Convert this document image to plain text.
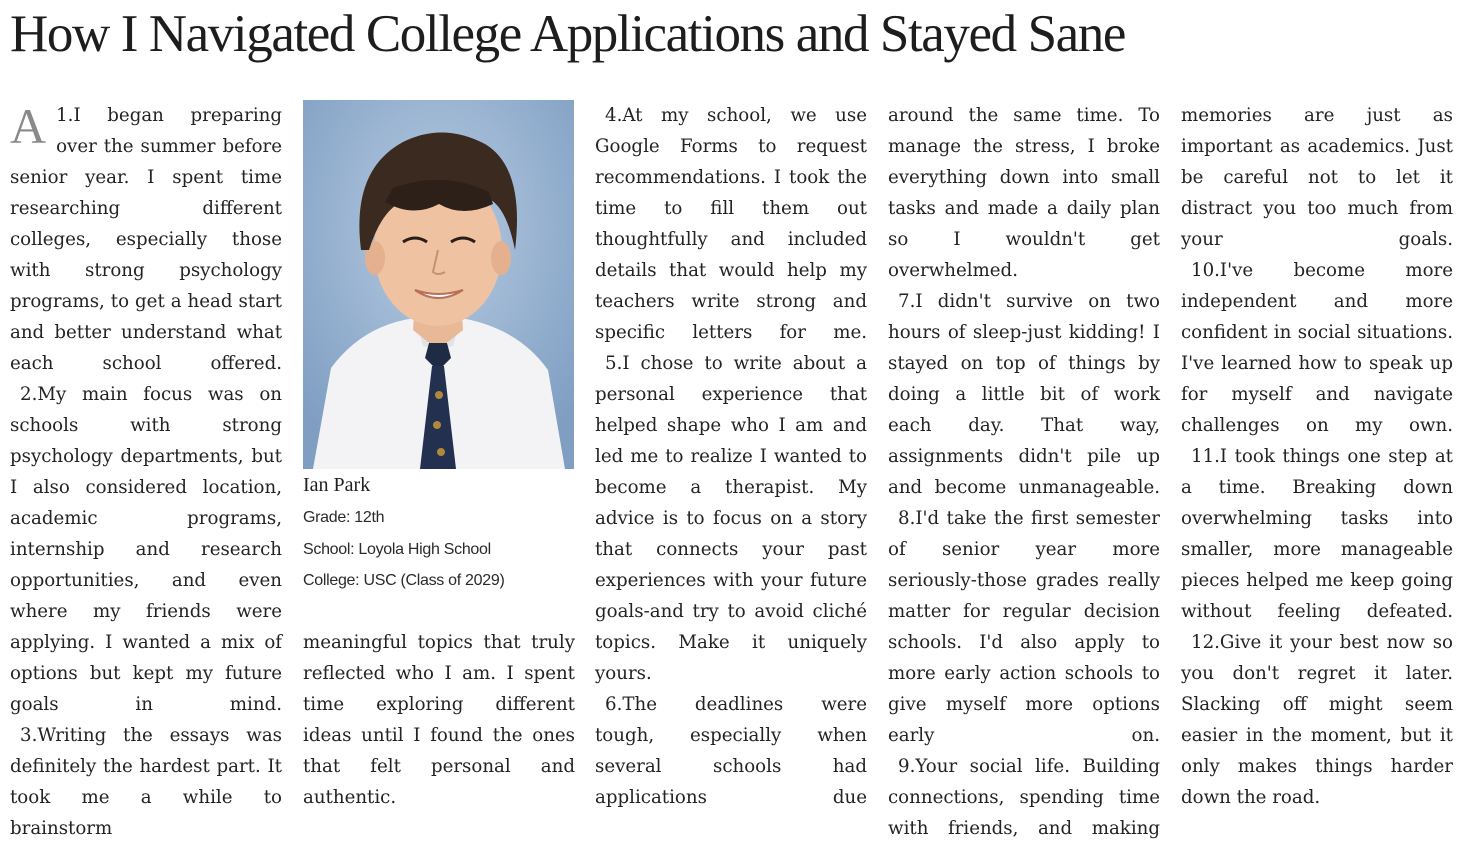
How I Navigated College Applications and Stayed Sane
A 1.I began preparing over the summer before senior year. I spent time researching different colleges, especially those with strong psychology programs, to get a head start and better understand what each school offered.

2.My main focus was on schools with strong psychology departments, but I also considered location, academic programs, internship and research opportunities, and even where my friends were applying. I wanted a mix of options but kept my future goals in mind.

3.Writing the essays was definitely the hardest part. It took me a while to brainstorm

Ian Park

Grade: 12th

School: Loyola High School

College: USC (Class of 2029)

meaningful topics that truly reflected who I am. I spent time exploring different ideas until I found the ones that felt personal and authentic.

4.At my school, we use Google Forms to request recommendations. I took the time to fill them out thoughtfully and included details that would help my teachers write strong and specific letters for me.

5.I chose to write about a personal experience that helped shape who I am and led me to realize I wanted to become a therapist. My advice is to focus on a story that connects your past experiences with your future goals-and try to avoid cliché topics. Make it uniquely yours.

6.The deadlines were tough, especially when several schools had applications due

around the same time. To manage the stress, I broke everything down into small tasks and made a daily plan so I wouldn't get overwhelmed.

7.I didn't survive on two hours of sleep-just kidding! I stayed on top of things by doing a little bit of work each day. That way, assignments didn't pile up and become unmanageable.

8.I'd take the first semester of senior year more seriously-those grades really matter for regular decision schools. I'd also apply to more early action schools to give myself more options early on.

9.Your social life. Building connections, spending time with friends, and making

memories are just as important as academics. Just be careful not to let it distract you too much from your goals.

10.I've become more independent and more confident in social situations. I've learned how to speak up for myself and navigate challenges on my own.

11.I took things one step at a time. Breaking down overwhelming tasks into smaller, more manageable pieces helped me keep going without feeling defeated.

12.Give it your best now so you don't regret it later. Slacking off might seem easier in the moment, but it only makes things harder down the road.
